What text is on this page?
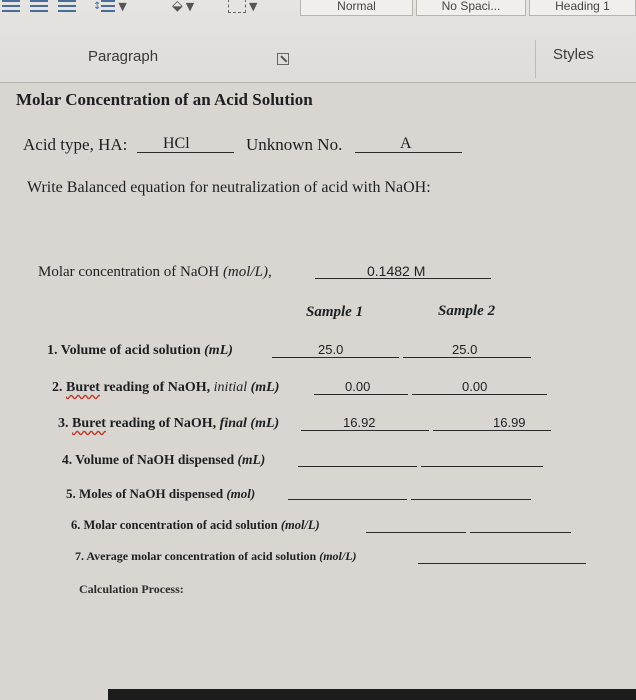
↕ ▼	⬙ ▼	▼	Normal	No Spaci...	Heading 1
Paragraph	Styles
Molar Concentration of an Acid Solution
Acid type, HA: HCl	Unknown No.	A
Write Balanced equation for neutralization of acid with NaOH:
Molar concentration of NaOH (mol/L),	0.1482 M
Sample 1	Sample 2
1. Volume of acid solution (mL)	25.0	25.0
2. Buret reading of NaOH, initial (mL)	0.00	0.00
3. Buret reading of NaOH, final (mL)	16.92	16.99
4. Volume of NaOH dispensed (mL)
5. Moles of NaOH dispensed (mol)
6. Molar concentration of acid solution (mol/L)
7. Average molar concentration of acid solution (mol/L)
Calculation Process:
